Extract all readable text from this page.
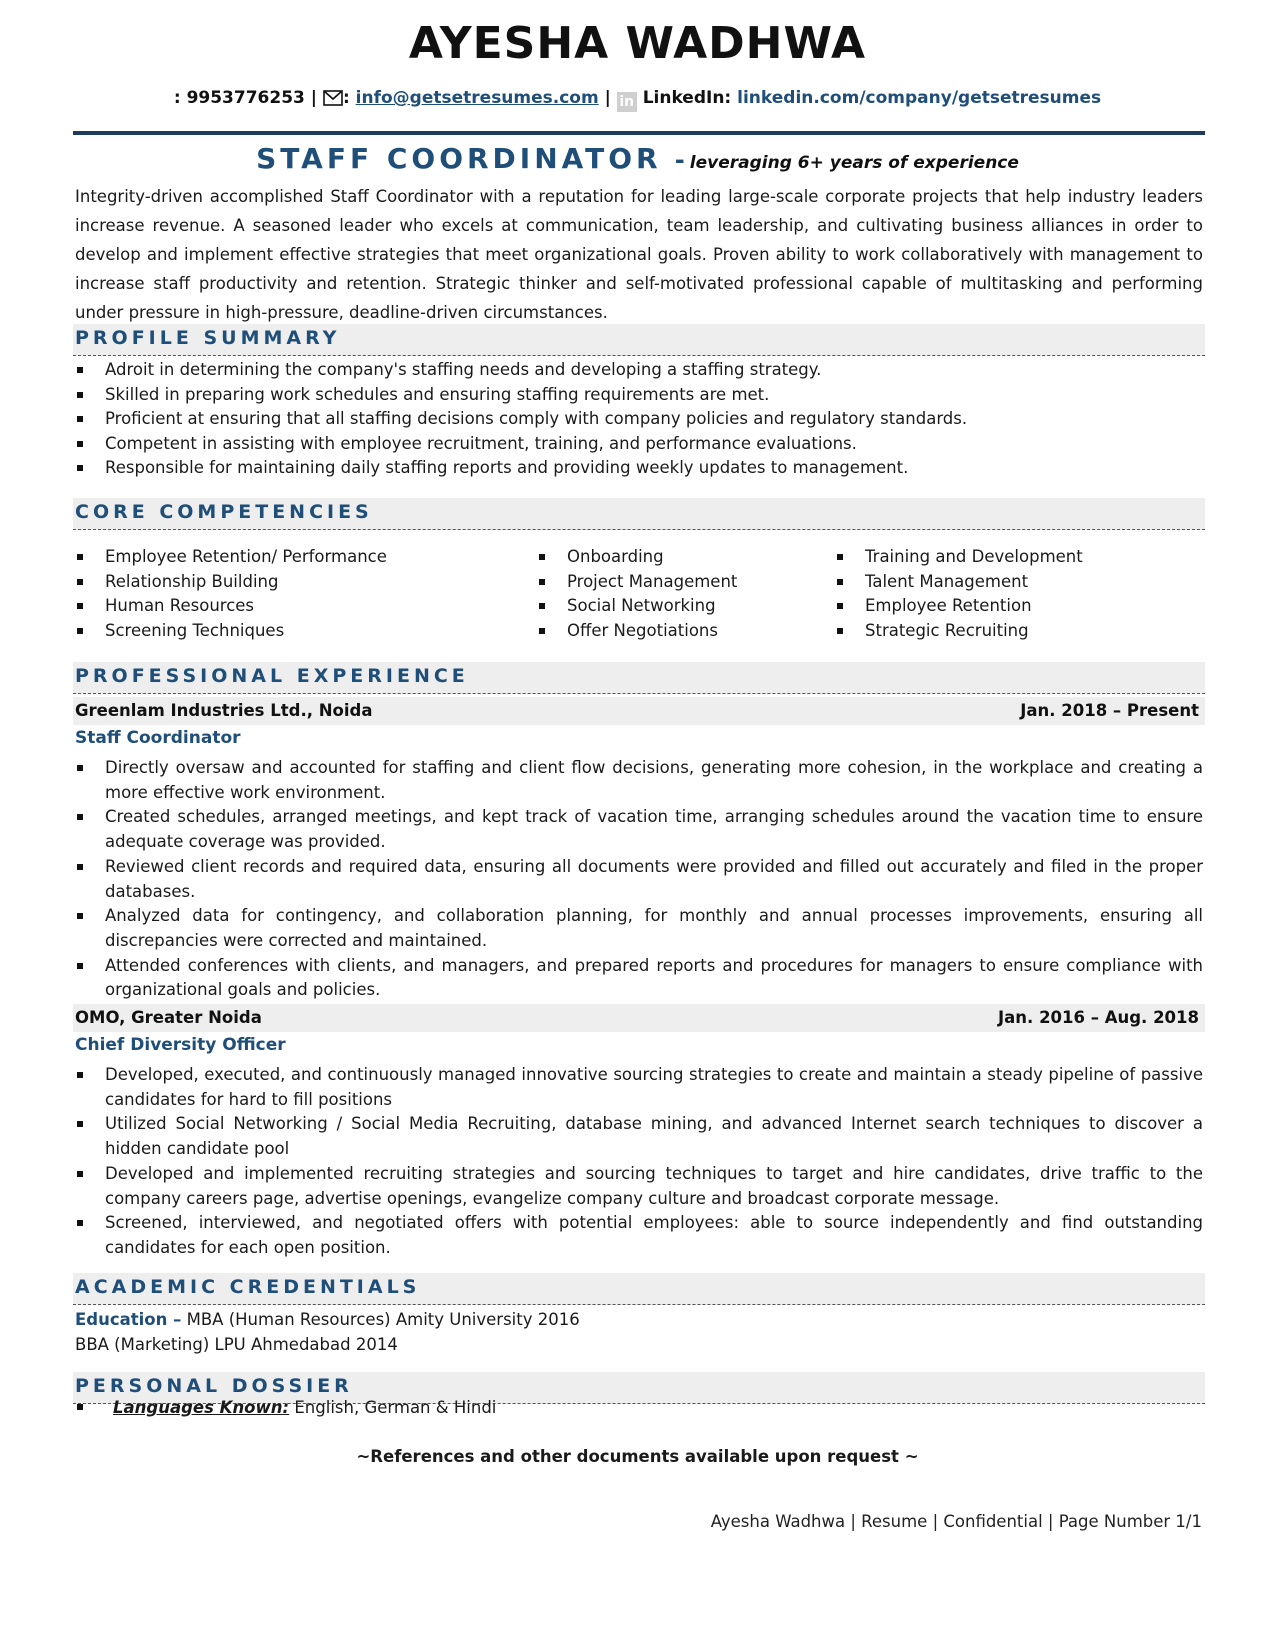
AYESHA WADHWA
: 9953776253 | : info@getsetresumes.com | in LinkedIn: linkedin.com/company/getsetresumes
STAFF COORDINATOR - leveraging 6+ years of experience

Integrity-driven accomplished Staff Coordinator with a reputation for leading large-scale corporate projects that help industry leaders increase revenue. A seasoned leader who excels at communication, team leadership, and cultivating business alliances in order to develop and implement effective strategies that meet organizational goals. Proven ability to work collaboratively with management to increase staff productivity and retention. Strategic thinker and self-motivated professional capable of multitasking and performing under pressure in high-pressure, deadline-driven circumstances.

PROFILE SUMMARY
Adroit in determining the company's staffing needs and developing a staffing strategy.
Skilled in preparing work schedules and ensuring staffing requirements are met.
Proficient at ensuring that all staffing decisions comply with company policies and regulatory standards.
Competent in assisting with employee recruitment, training, and performance evaluations.
Responsible for maintaining daily staffing reports and providing weekly updates to management.
CORE COMPETENCIES
Employee Retention/ Performance
Relationship Building
Human Resources
Screening Techniques
Onboarding
Project Management
Social Networking
Offer Negotiations
Training and Development
Talent Management
Employee Retention
Strategic Recruiting
PROFESSIONAL EXPERIENCE
Greenlam Industries Ltd., Noida	Jan. 2018 – Present
Staff Coordinator
Directly oversaw and accounted for staffing and client flow decisions, generating more cohesion, in the workplace and creating a more effective work environment.
Created schedules, arranged meetings, and kept track of vacation time, arranging schedules around the vacation time to ensure adequate coverage was provided.
Reviewed client records and required data, ensuring all documents were provided and filled out accurately and filed in the proper databases.
Analyzed data for contingency, and collaboration planning, for monthly and annual processes improvements, ensuring all discrepancies were corrected and maintained.
Attended conferences with clients, and managers, and prepared reports and procedures for managers to ensure compliance with organizational goals and policies.
OMO, Greater Noida	Jan. 2016 – Aug. 2018
Chief Diversity Officer
Developed, executed, and continuously managed innovative sourcing strategies to create and maintain a steady pipeline of passive candidates for hard to fill positions
Utilized Social Networking / Social Media Recruiting, database mining, and advanced Internet search techniques to discover a hidden candidate pool
Developed and implemented recruiting strategies and sourcing techniques to target and hire candidates, drive traffic to the company careers page, advertise openings, evangelize company culture and broadcast corporate message.
Screened, interviewed, and negotiated offers with potential employees: able to source independently and find outstanding candidates for each open position.
ACADEMIC CREDENTIALS
Education – MBA (Human Resources) Amity University 2016
BBA (Marketing) LPU Ahmedabad 2014
PERSONAL DOSSIER
Languages Known: English, German & Hindi
~References and other documents available upon request ~
Ayesha Wadhwa | Resume | Confidential | Page Number 1/1
